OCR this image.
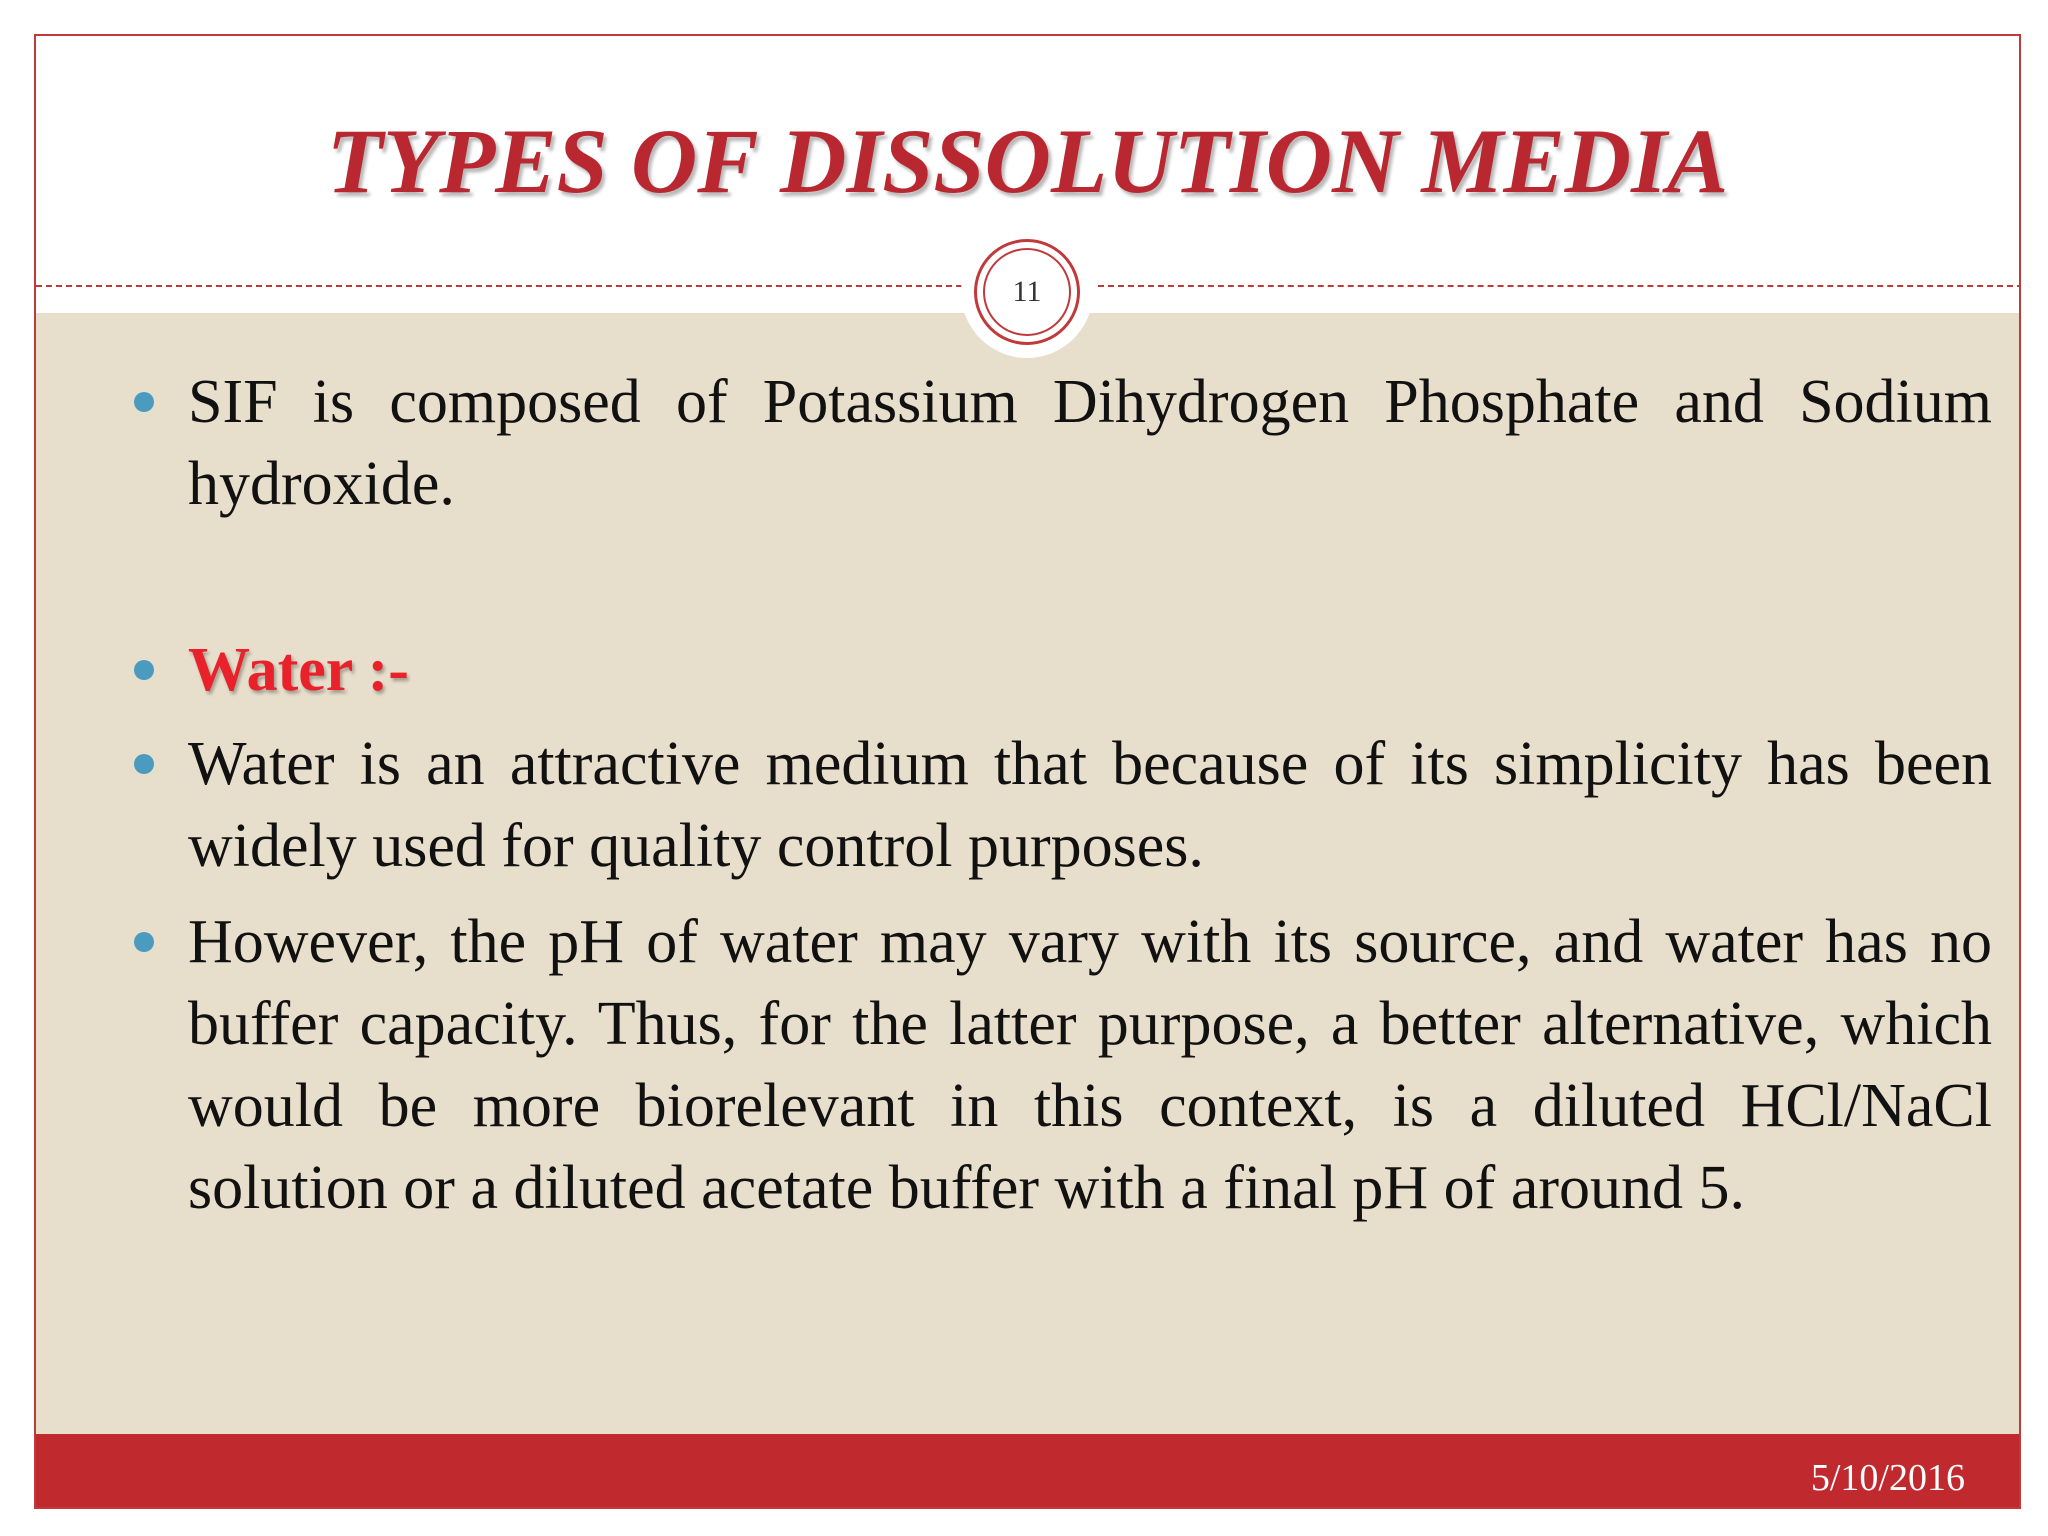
TYPES OF DISSOLUTION MEDIA
11
SIF is composed of Potassium Dihydrogen Phosphate and Sodium hydroxide.
Water :-
Water is an attractive medium that because of its simplicity has been widely used for quality control purposes.
However, the pH of water may vary with its source, and water has no buffer capacity. Thus, for the latter purpose, a better alternative, which would be more biorelevant in this context, is a diluted HCl/NaCl solution or a diluted acetate buffer with a final pH of around 5.
5/10/2016
